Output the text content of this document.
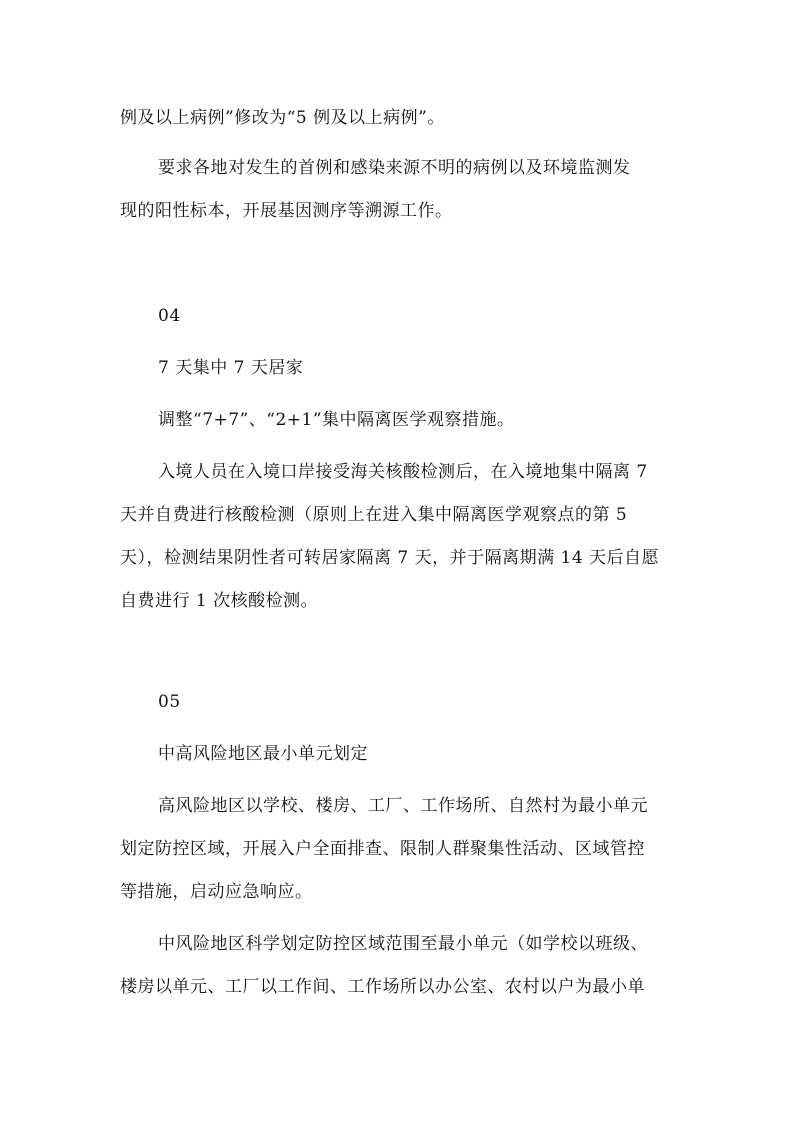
例及以上病例”修改为“5 例及以上病例”。
要求各地对发生的首例和感染来源不明的病例以及环境监测发
现的阳性标本，开展基因测序等溯源工作。
04
7 天集中 7 天居家
调整“7+7”、“2+1”集中隔离医学观察措施。
入境人员在入境口岸接受海关核酸检测后，在入境地集中隔离 7
天并自费进行核酸检测（原则上在进入集中隔离医学观察点的第 5
天），检测结果阴性者可转居家隔离 7 天，并于隔离期满 14 天后自愿
自费进行 1 次核酸检测。
05
中高风险地区最小单元划定
高风险地区以学校、楼房、工厂、工作场所、自然村为最小单元
划定防控区域，开展入户全面排查、限制人群聚集性活动、区域管控
等措施，启动应急响应。
中风险地区科学划定防控区域范围至最小单元（如学校以班级、
楼房以单元、工厂以工作间、工作场所以办公室、农村以户为最小单
